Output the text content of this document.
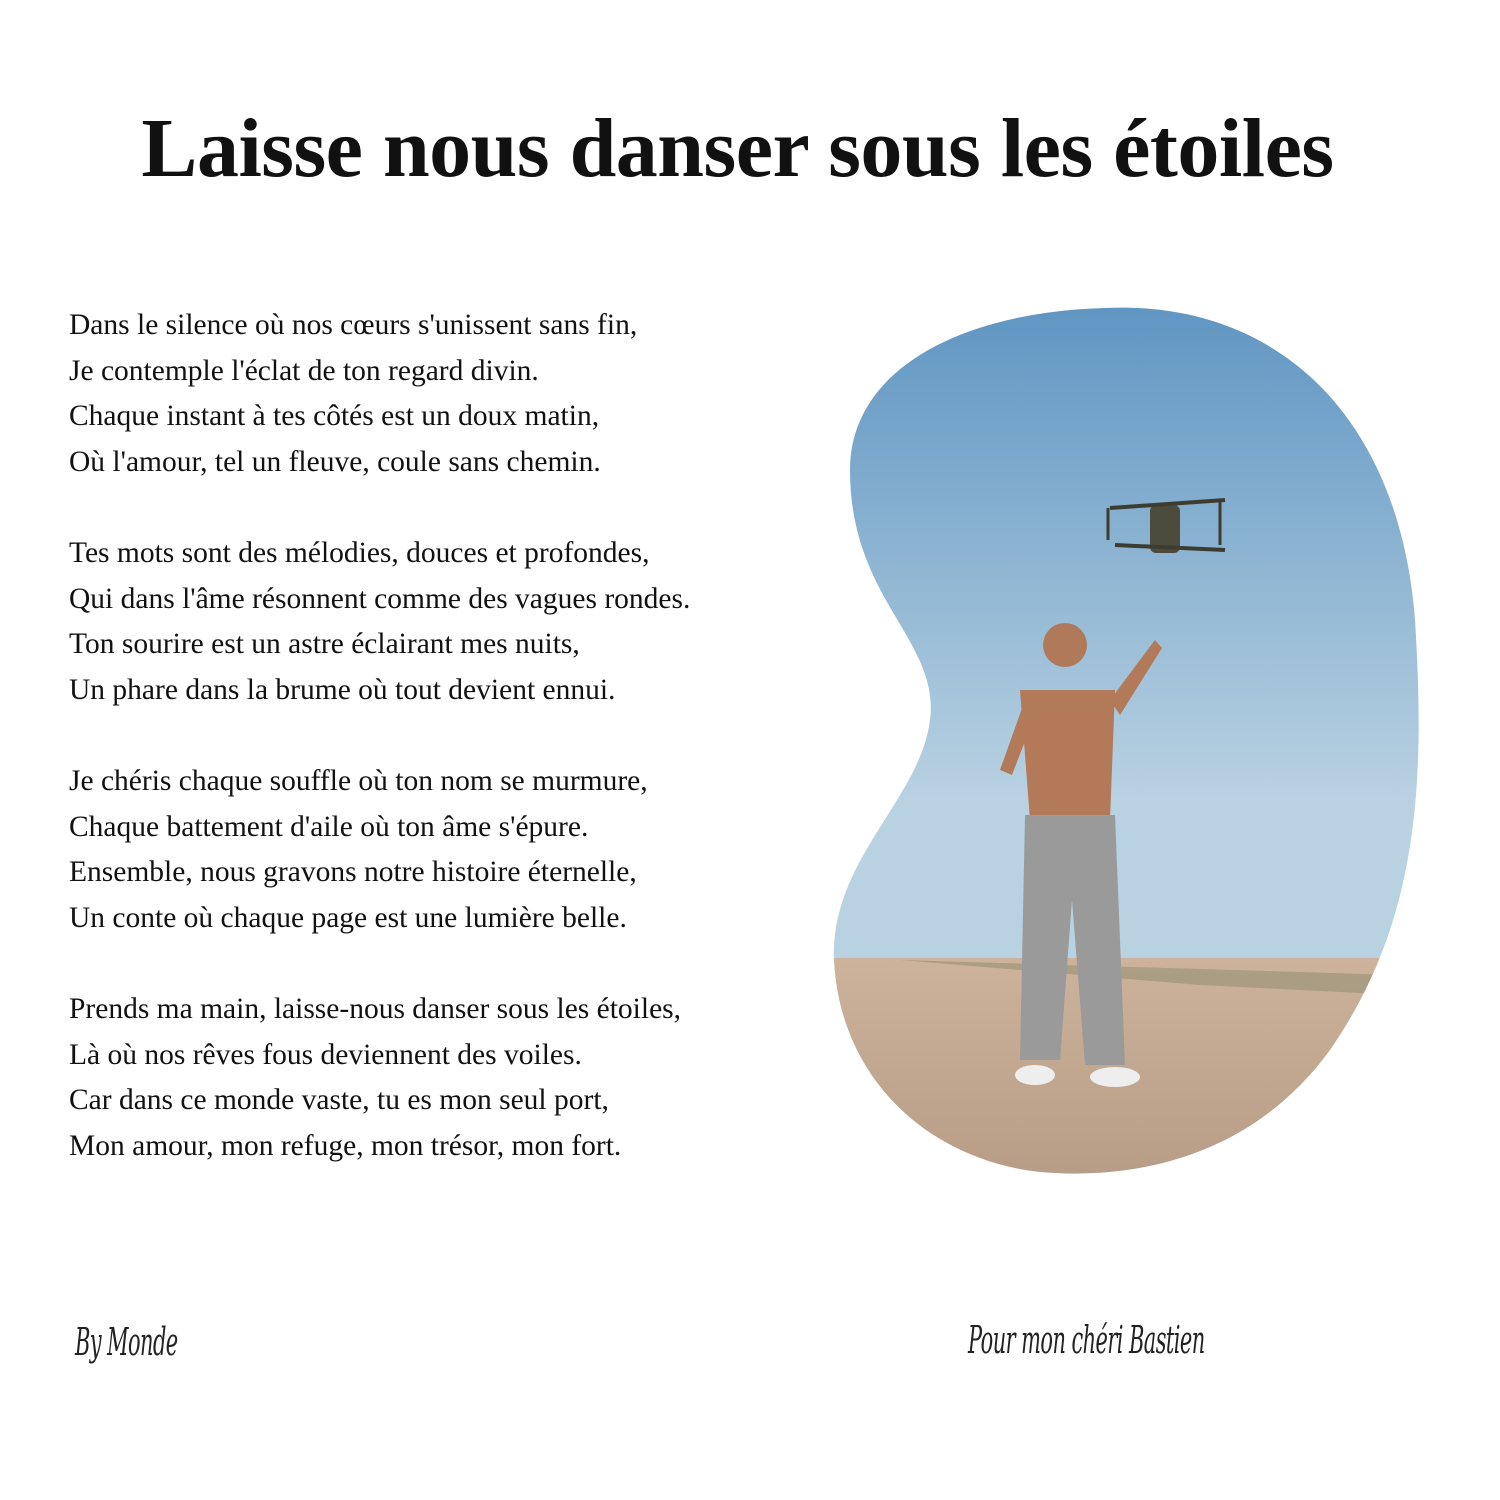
Laisse nous danser sous les étoiles
Dans le silence où nos cœurs s'unissent sans fin,
Je contemple l'éclat de ton regard divin.
Chaque instant à tes côtés est un doux matin,
Où l'amour, tel un fleuve, coule sans chemin.
Tes mots sont des mélodies, douces et profondes,
Qui dans l'âme résonnent comme des vagues rondes.
Ton sourire est un astre éclairant mes nuits,
Un phare dans la brume où tout devient ennui.
Je chéris chaque souffle où ton nom se murmure,
Chaque battement d'aile où ton âme s'épure.
Ensemble, nous gravons notre histoire éternelle,
Un conte où chaque page est une lumière belle.
Prends ma main, laisse-nous danser sous les étoiles,
Là où nos rêves fous deviennent des voiles.
Car dans ce monde vaste, tu es mon seul port,
Mon amour, mon refuge, mon trésor, mon fort.
By Monde	Pour mon chéri Bastien
